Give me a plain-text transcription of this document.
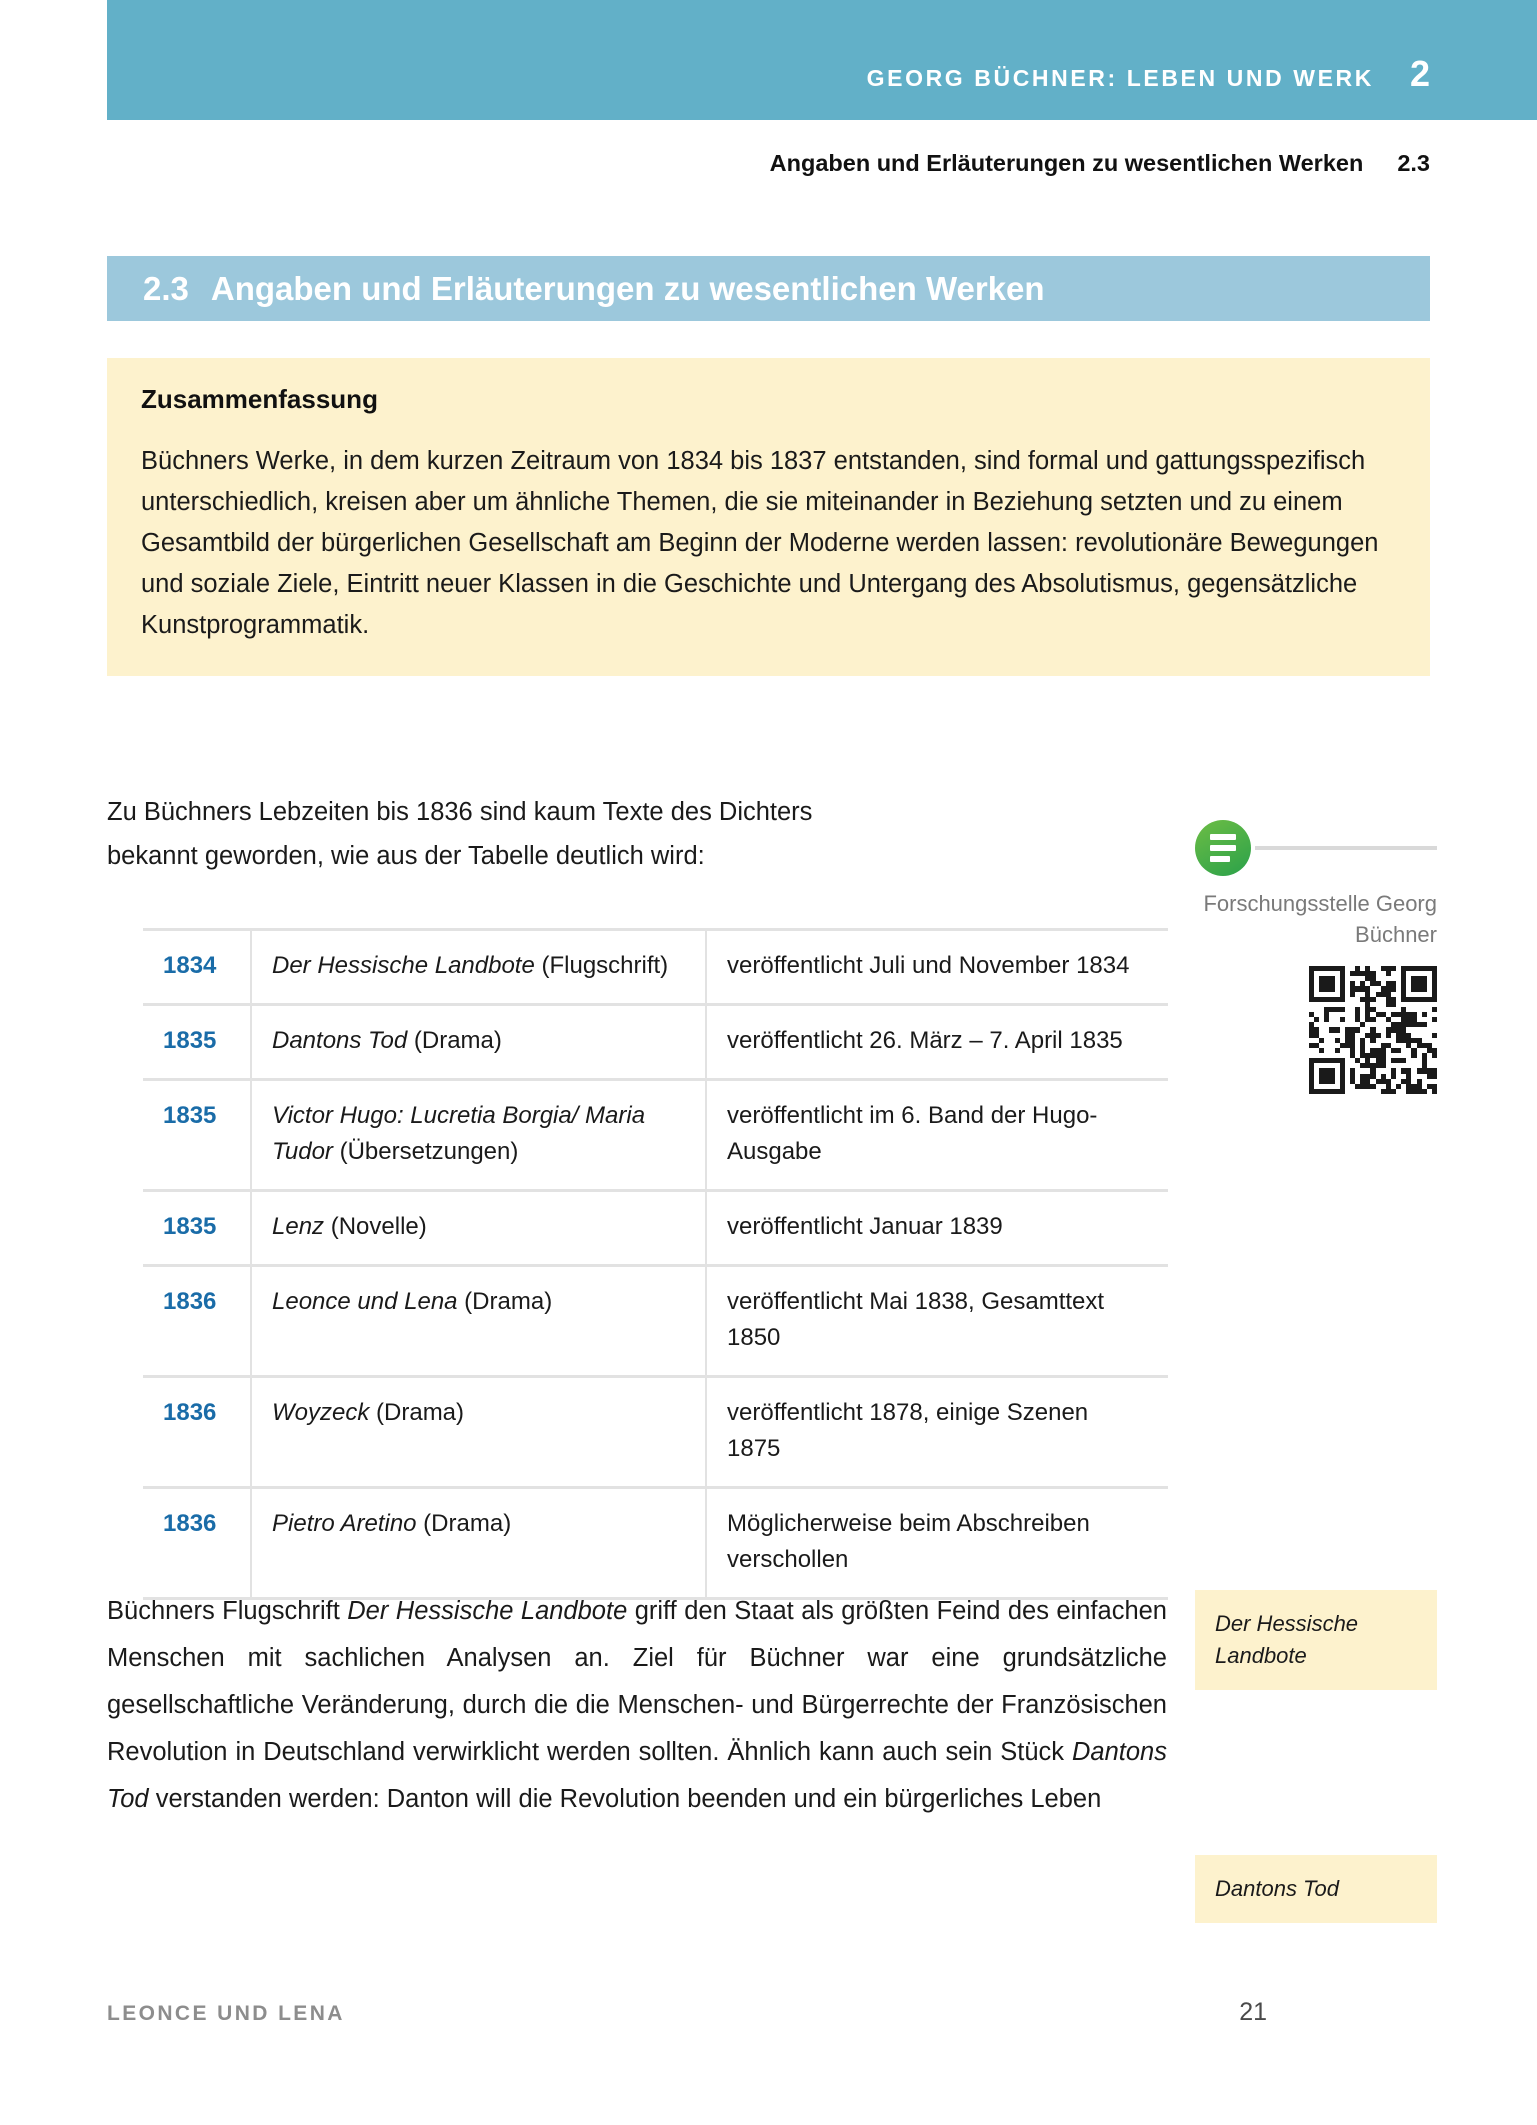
GEORG BÜCHNER: LEBEN UND WERK 2
Angaben und Erläuterungen zu wesentlichen Werken 2.3
2.3 Angaben und Erläuterungen zu wesentlichen Werken
Zusammenfassung
Büchners Werke, in dem kurzen Zeitraum von 1834 bis 1837 entstanden, sind formal und gattungsspezifisch unterschiedlich, kreisen aber um ähnliche Themen, die sie miteinander in Beziehung setzten und zu einem Gesamtbild der bürgerlichen Gesellschaft am Beginn der Moderne werden lassen: revolutionäre Bewegungen und soziale Ziele, Eintritt neuer Klassen in die Geschichte und Untergang des Absolutismus, gegensätzliche Kunstprogrammatik.

Zu Büchners Lebzeiten bis 1836 sind kaum Texte des Dichters bekannt geworden, wie aus der Tabelle deutlich wird:

Forschungsstelle Georg Büchner
1834	Der Hessische Landbote (Flugschrift)	veröffentlicht Juli und November 1834
1835	Dantons Tod (Drama)	veröffentlicht 26. März – 7. April 1835
1835	Victor Hugo: Lucretia Borgia/ Maria Tudor (Übersetzungen)	veröffentlicht im 6. Band der Hugo-Ausgabe
1835	Lenz (Novelle)	veröffentlicht Januar 1839
1836	Leonce und Lena (Drama)	veröffentlicht Mai 1838, Gesamttext 1850
1836	Woyzeck (Drama)	veröffentlicht 1878, einige Szenen 1875
1836	Pietro Aretino (Drama)	Möglicherweise beim Abschreiben verschollen
Der Hessische Landbote
Dantons Tod

Büchners Flugschrift Der Hessische Landbote griff den Staat als größten Feind des einfachen Menschen mit sachlichen Analysen an. Ziel für Büchner war eine grundsätzliche gesellschaftliche Veränderung, durch die die Menschen- und Bürgerrechte der Französischen Revolution in Deutschland verwirklicht werden sollten. Ähnlich kann auch sein Stück Dantons Tod verstanden werden: Danton will die Revolution beenden und ein bürgerliches Leben

LEONCE UND LENA	21
